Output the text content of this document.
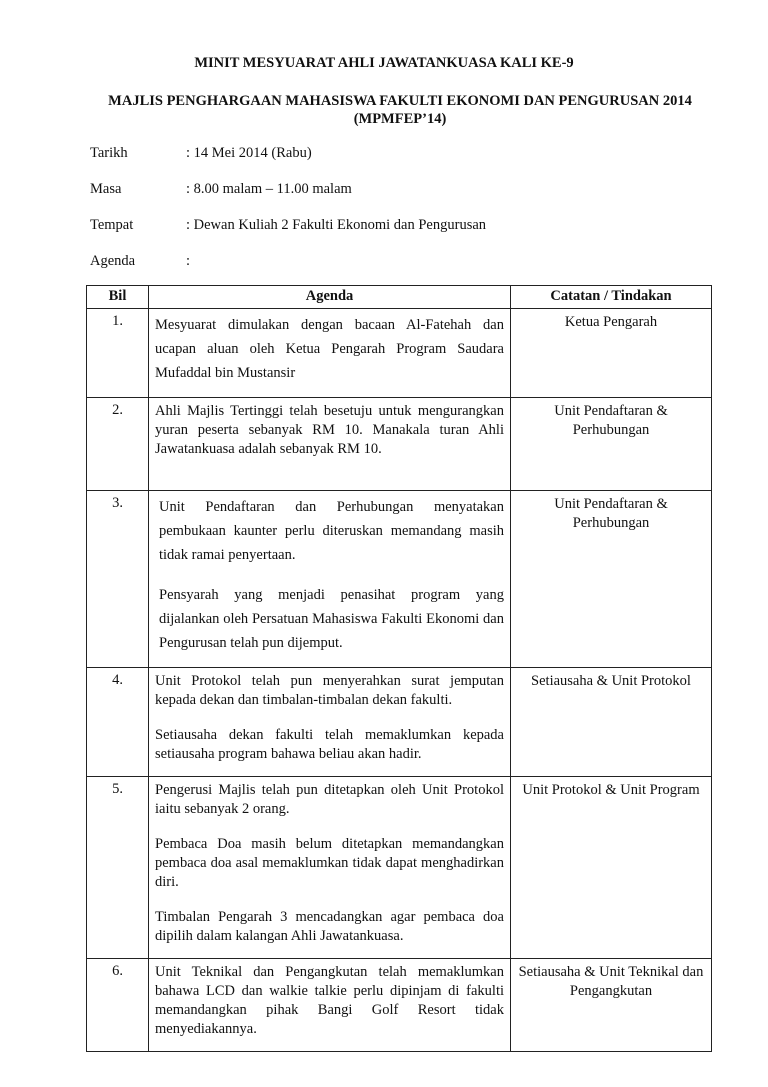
MINIT MESYUARAT AHLI JAWATANKUASA KALI KE-9
MAJLIS PENGHARGAAN MAHASISWA FAKULTI EKONOMI DAN PENGURUSAN 2014 (MPMFEP’14)
Tarikh	: 14 Mei 2014 (Rabu)
Masa	: 8.00 malam – 11.00 malam
Tempat	: Dewan Kuliah 2 Fakulti Ekonomi dan Pengurusan
Agenda	:
Bil	Agenda	Catatan / Tindakan
1.	Mesyuarat dimulakan dengan bacaan Al-Fatehah dan ucapan aluan oleh Ketua Pengarah Program Saudara Mufaddal bin Mustansir	Ketua Pengarah
2.	Ahli Majlis Tertinggi telah besetuju untuk mengurangkan yuran peserta sebanyak RM 10. Manakala turan Ahli Jawatankuasa adalah sebanyak RM 10.	Unit Pendaftaran & Perhubungan
3.	Unit Pendaftaran dan Perhubungan menyatakan pembukaan kaunter perlu diteruskan memandang masih tidak ramai penyertaan.

Pensyarah yang menjadi penasihat program yang dijalankan oleh Persatuan Mahasiswa Fakulti Ekonomi dan Pengurusan telah pun dijemput.	Unit Pendaftaran & Perhubungan
4.	Unit Protokol telah pun menyerahkan surat jemputan kepada dekan dan timbalan-timbalan dekan fakulti.

Setiausaha dekan fakulti telah memaklumkan kepada setiausaha program bahawa beliau akan hadir.	Setiausaha & Unit Protokol
5.	Pengerusi Majlis telah pun ditetapkan oleh Unit Protokol iaitu sebanyak 2 orang.

Pembaca Doa masih belum ditetapkan memandangkan pembaca doa asal memaklumkan tidak dapat menghadirkan diri.

Timbalan Pengarah 3 mencadangkan agar pembaca doa dipilih dalam kalangan Ahli Jawatankuasa.	Unit Protokol & Unit Program
6.	Unit Teknikal dan Pengangkutan telah memaklumkan bahawa LCD dan walkie talkie perlu dipinjam di fakulti memandangkan pihak Bangi Golf Resort tidak menyediakannya.	Setiausaha & Unit Teknikal dan Pengangkutan
